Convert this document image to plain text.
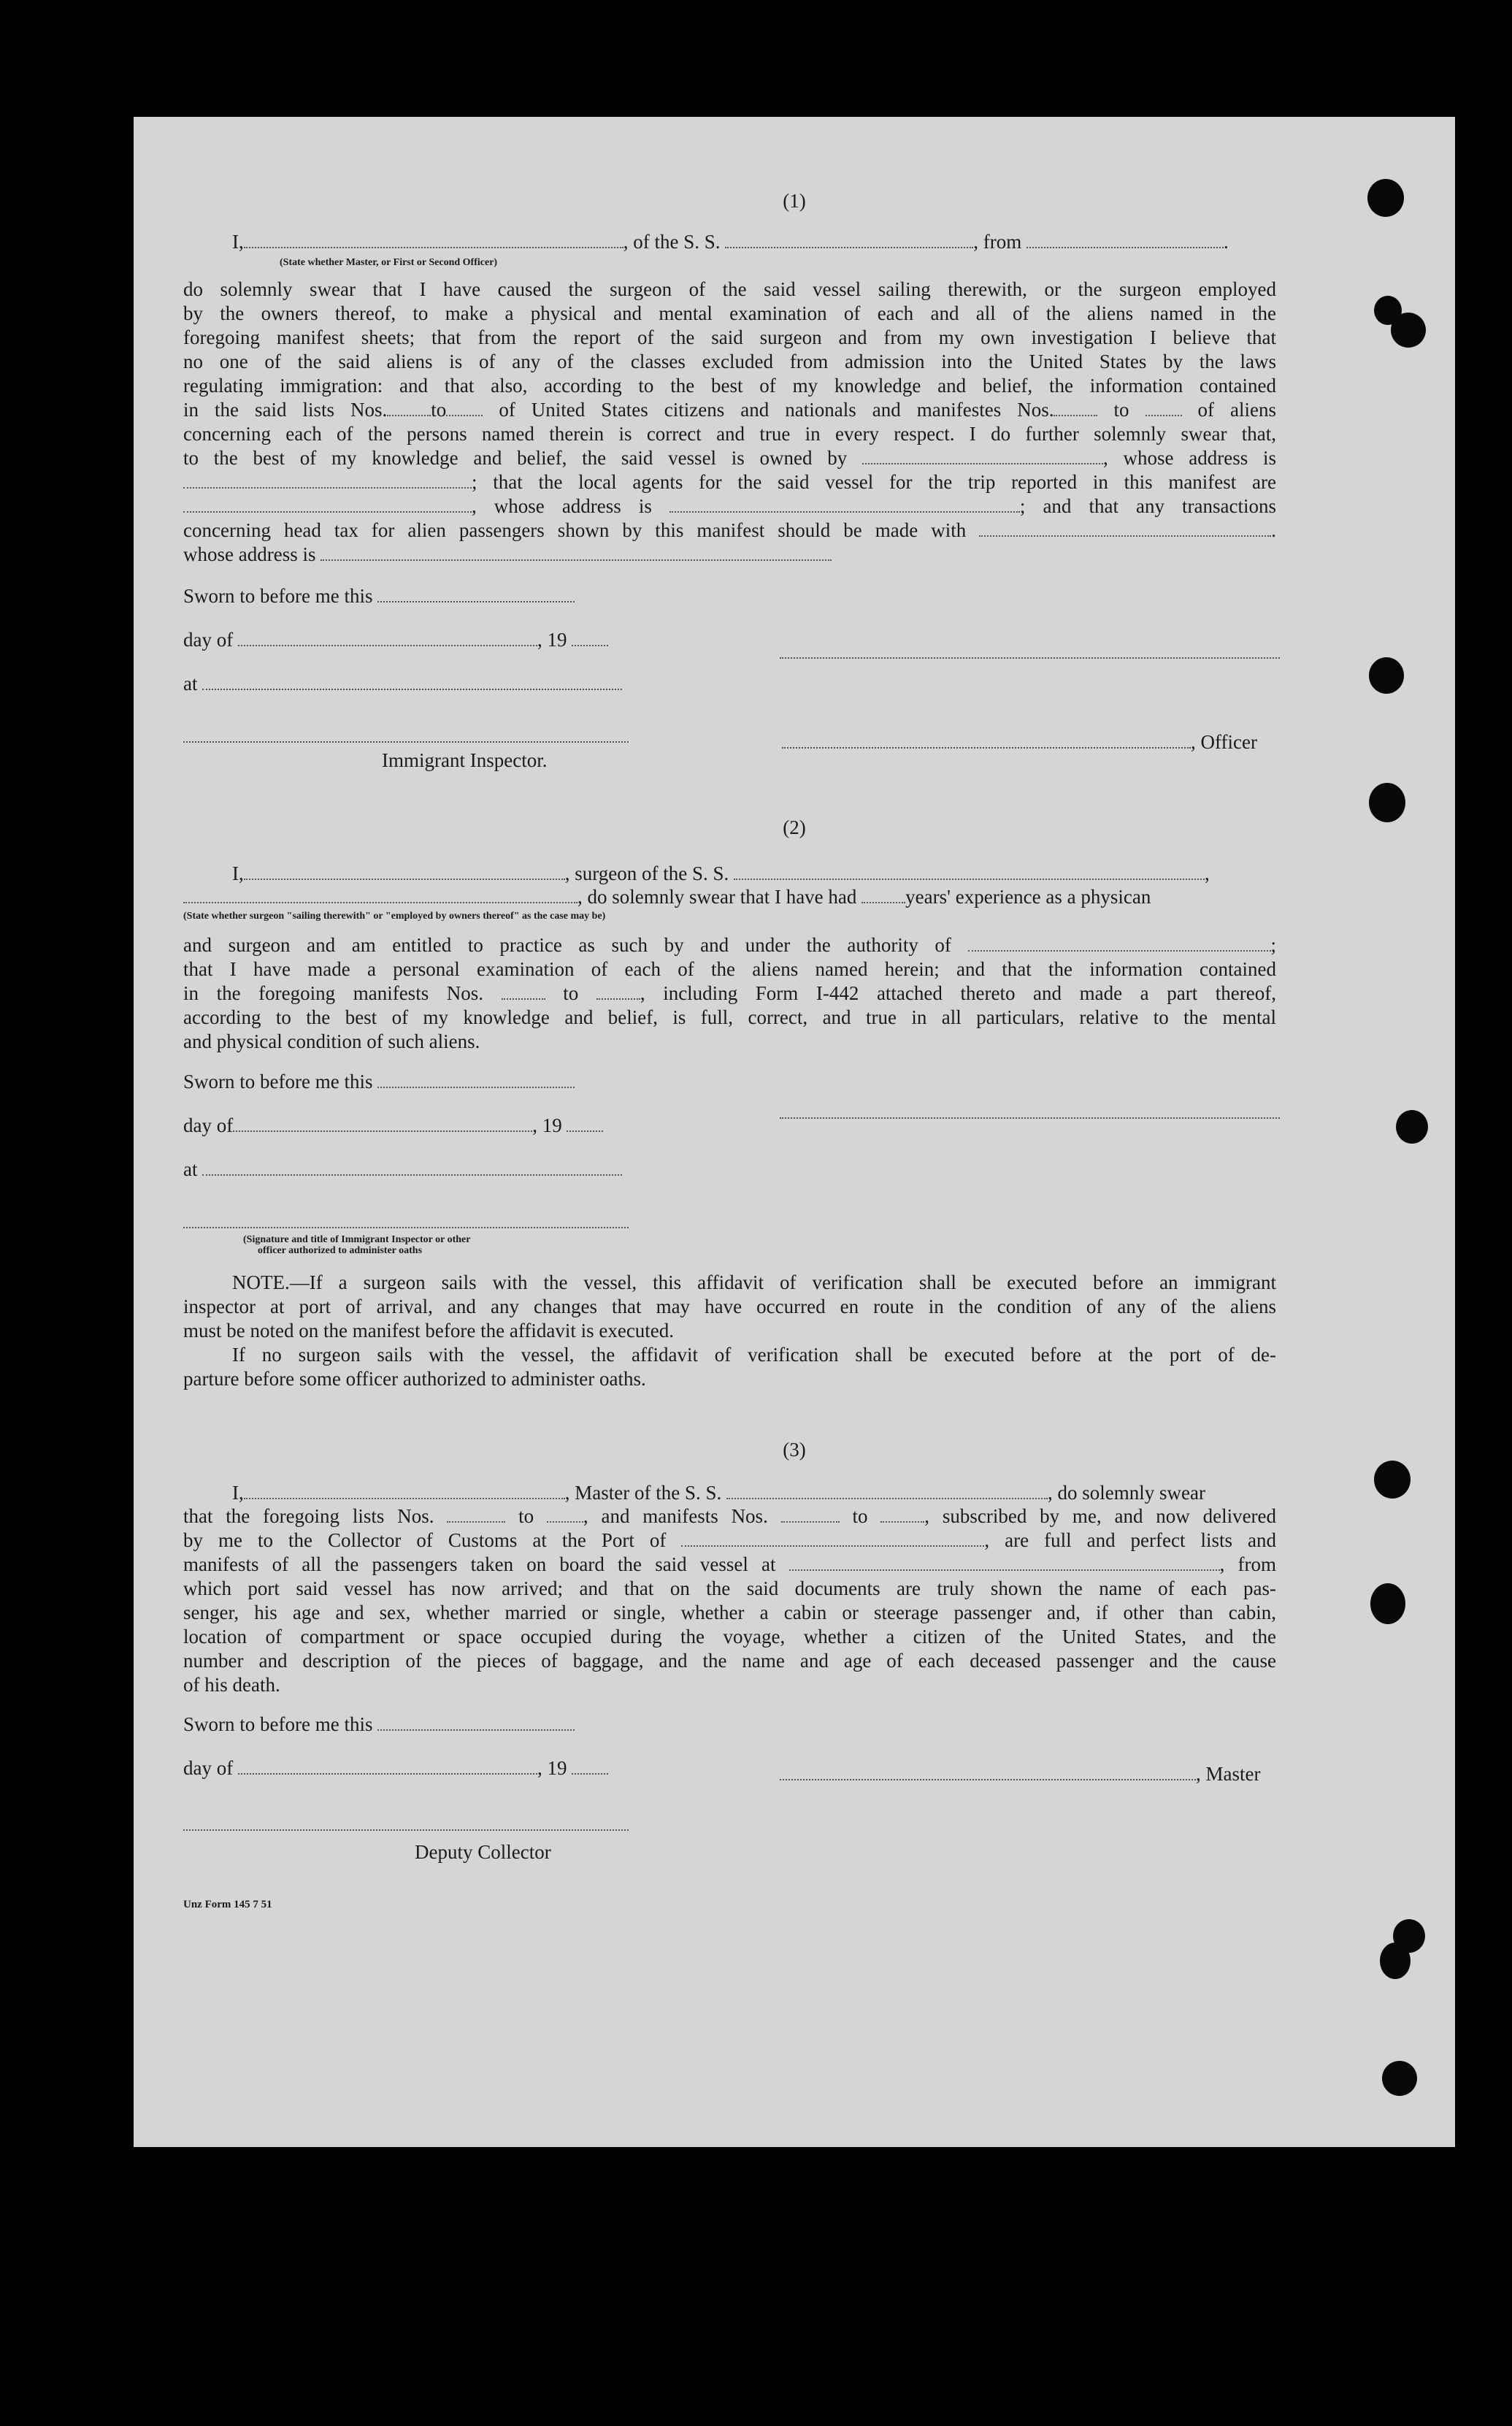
(1)
I,	, of the S. S.	, from	.
(State whether Master, or First or Second Officer)

do solemnly swear that I have caused the surgeon of the said vessel sailing therewith, or the surgeon employed

by the owners thereof, to make a physical and mental examination of each and all of the aliens named in the

foregoing manifest sheets; that from the report of the said surgeon and from my own investigation I believe that

no one of the said aliens is of any of the classes excluded from admission into the United States by the laws

regulating immigration: and that also, according to the best of my knowledge and belief, the information contained

in the said lists Nos. to	of United States citizens and nationals and manifestes Nos.	to	of aliens

concerning each of the persons named therein is correct and true in every respect. I do further solemnly swear that,

to the best of my knowledge and belief, the said vessel is owned by	, whose address is

; that the local agents for the said vessel for the trip reported in this manifest are

, whose address is	; and that any transactions

concerning head tax for alien passengers shown by this manifest should be made with	.

whose address is

Sworn to before me this
day of	, 19
at
, Officer
Immigrant Inspector.
(2)
I,	, surgeon of the S. S.	,
, do solemnly swear that I have had years' experience as a physican
(State whether surgeon "sailing therewith" or "employed by owners thereof" as the case may be)

and surgeon and am entitled to practice as such by and under the authority of	;

that I have made a personal examination of each of the aliens named herein; and that the information contained

in the foregoing manifests Nos.	to	, including Form I-442 attached thereto and made a part thereof,

according to the best of my knowledge and belief, is full, correct, and true in all particulars, relative to the mental

and physical condition of such aliens.

Sworn to before me this
day of	, 19
at
(Signature and title of Immigrant Inspector or other
officer authorized to administer oaths

NOTE.—If a surgeon sails with the vessel, this affidavit of verification shall be executed before an immigrant

inspector at port of arrival, and any changes that may have occurred en route in the condition of any of the aliens

must be noted on the manifest before the affidavit is executed.

If no surgeon sails with the vessel, the affidavit of verification shall be executed before at the port of de-

parture before some officer authorized to administer oaths.

(3)
I,	, Master of the S. S.	, do solemnly swear

that the foregoing lists Nos.	to	, and manifests Nos.	to	, subscribed by me, and now delivered

by me to the Collector of Customs at the Port of	, are full and perfect lists and

manifests of all the passengers taken on board the said vessel at	, from

which port said vessel has now arrived; and that on the said documents are truly shown the name of each pas-

senger, his age and sex, whether married or single, whether a cabin or steerage passenger and, if other than cabin,

location of compartment or space occupied during the voyage, whether a citizen of the United States, and the

number and description of the pieces of baggage, and the name and age of each deceased passenger and the cause

of his death.

Sworn to before me this
day of	, 19	, Master
Deputy Collector
Unz Form 145 7 51
